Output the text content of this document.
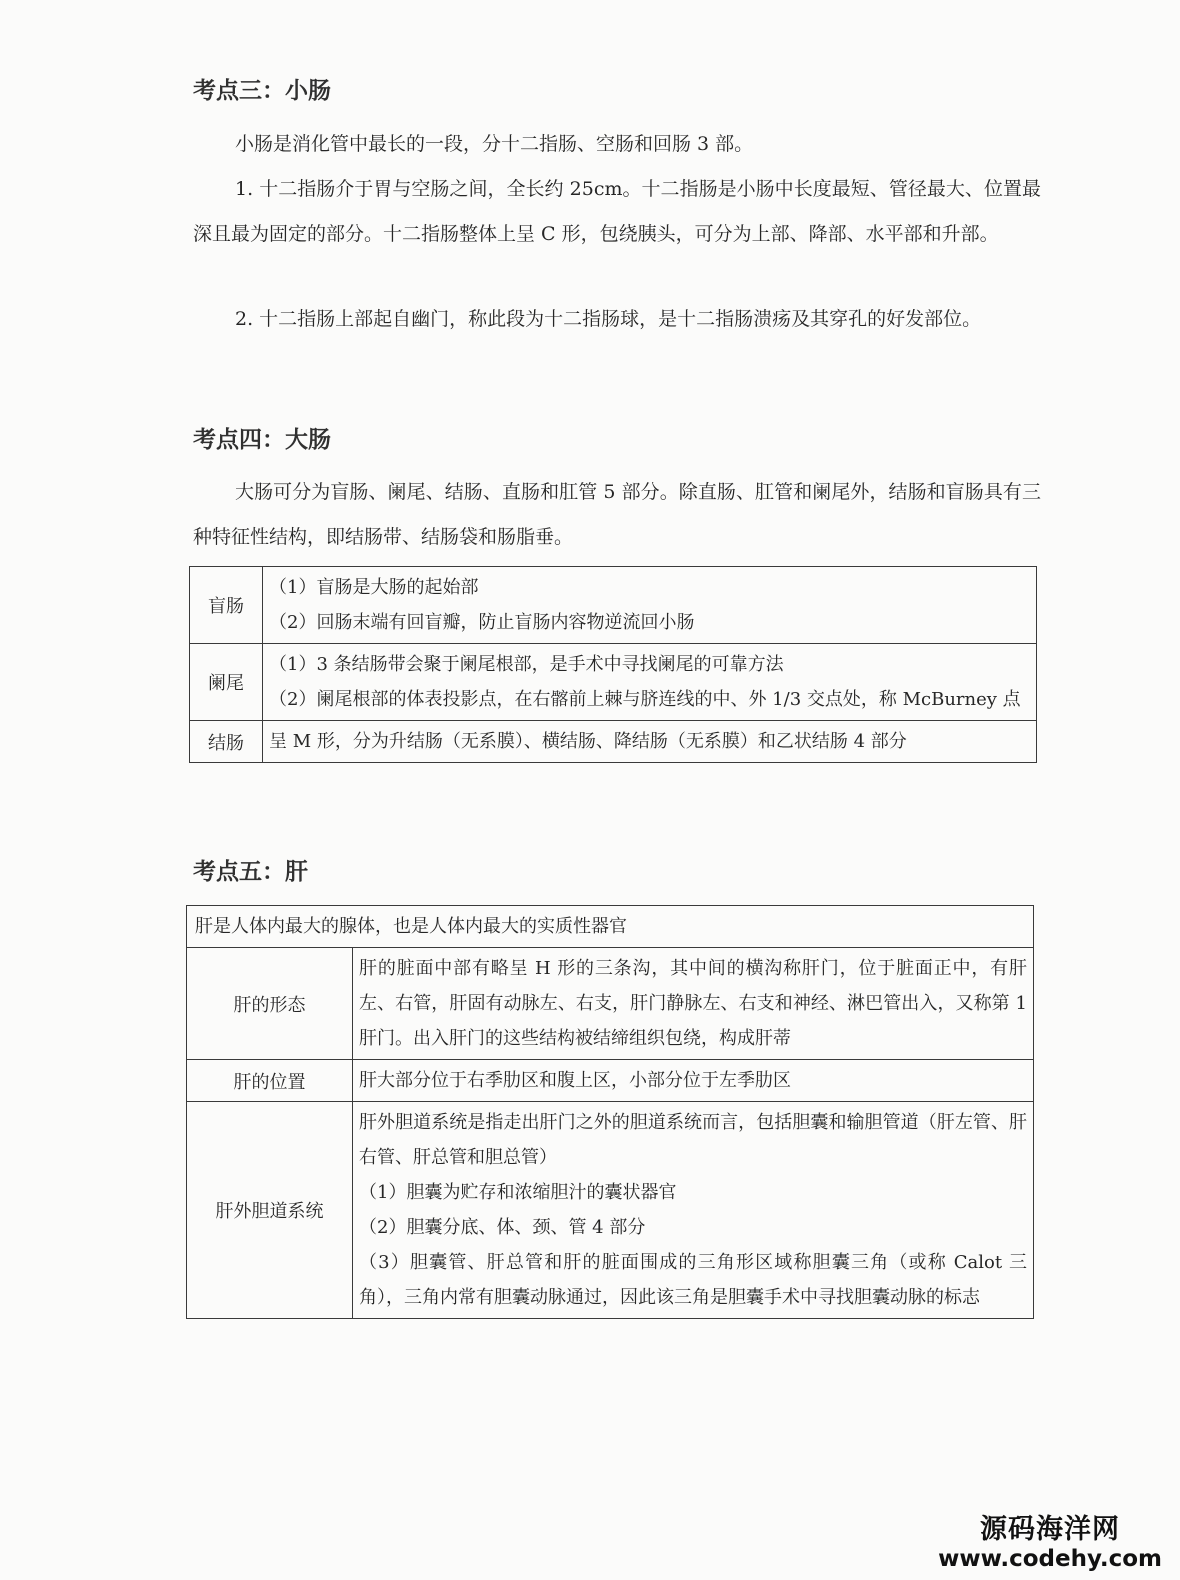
考点三：小肠

小肠是消化管中最长的一段，分十二指肠、空肠和回肠 3 部。

1. 十二指肠介于胃与空肠之间，全长约 25cm。十二指肠是小肠中长度最短、管径最大、位置最深且最为固定的部分。十二指肠整体上呈 C 形，包绕胰头，可分为上部、降部、水平部和升部。

2. 十二指肠上部起自幽门，称此段为十二指肠球，是十二指肠溃疡及其穿孔的好发部位。

考点四：大肠

大肠可分为盲肠、阑尾、结肠、直肠和肛管 5 部分。除直肠、肛管和阑尾外，结肠和盲肠具有三种特征性结构，即结肠带、结肠袋和肠脂垂。

盲肠	（1）盲肠是大肠的起始部
（2）回肠末端有回盲瓣，防止盲肠内容物逆流回小肠

阑尾	（1）3 条结肠带会聚于阑尾根部，是手术中寻找阑尾的可靠方法
（2）阑尾根部的体表投影点，在右髂前上棘与脐连线的中、外 1/3 交点处，称 McBurney 点

结肠	呈 M 形，分为升结肠（无系膜）、横结肠、降结肠（无系膜）和乙状结肠 4 部分
考点五：肝
肝是人体内最大的腺体，也是人体内最大的实质性器官	
肝的形态	肝的脏面中部有略呈 H 形的三条沟，其中间的横沟称肝门，位于脏面正中，有肝左、右管，肝固有动脉左、右支，肝门静脉左、右支和神经、淋巴管出入，又称第 1 肝门。出入肝门的这些结构被结缔组织包绕，构成肝蒂

肝的位置	肝大部分位于右季肋区和腹上区，小部分位于左季肋区

肝外胆道系统	肝外胆道系统是指走出肝门之外的胆道系统而言，包括胆囊和输胆管道（肝左管、肝右管、肝总管和胆总管）
（1）胆囊为贮存和浓缩胆汁的囊状器官
（2）胆囊分底、体、颈、管 4 部分
（3）胆囊管、肝总管和肝的脏面围成的三角形区域称胆囊三角（或称 Calot 三角），三角内常有胆囊动脉通过，因此该三角是胆囊手术中寻找胆囊动脉的标志
源码海洋网
www.codehy.com
